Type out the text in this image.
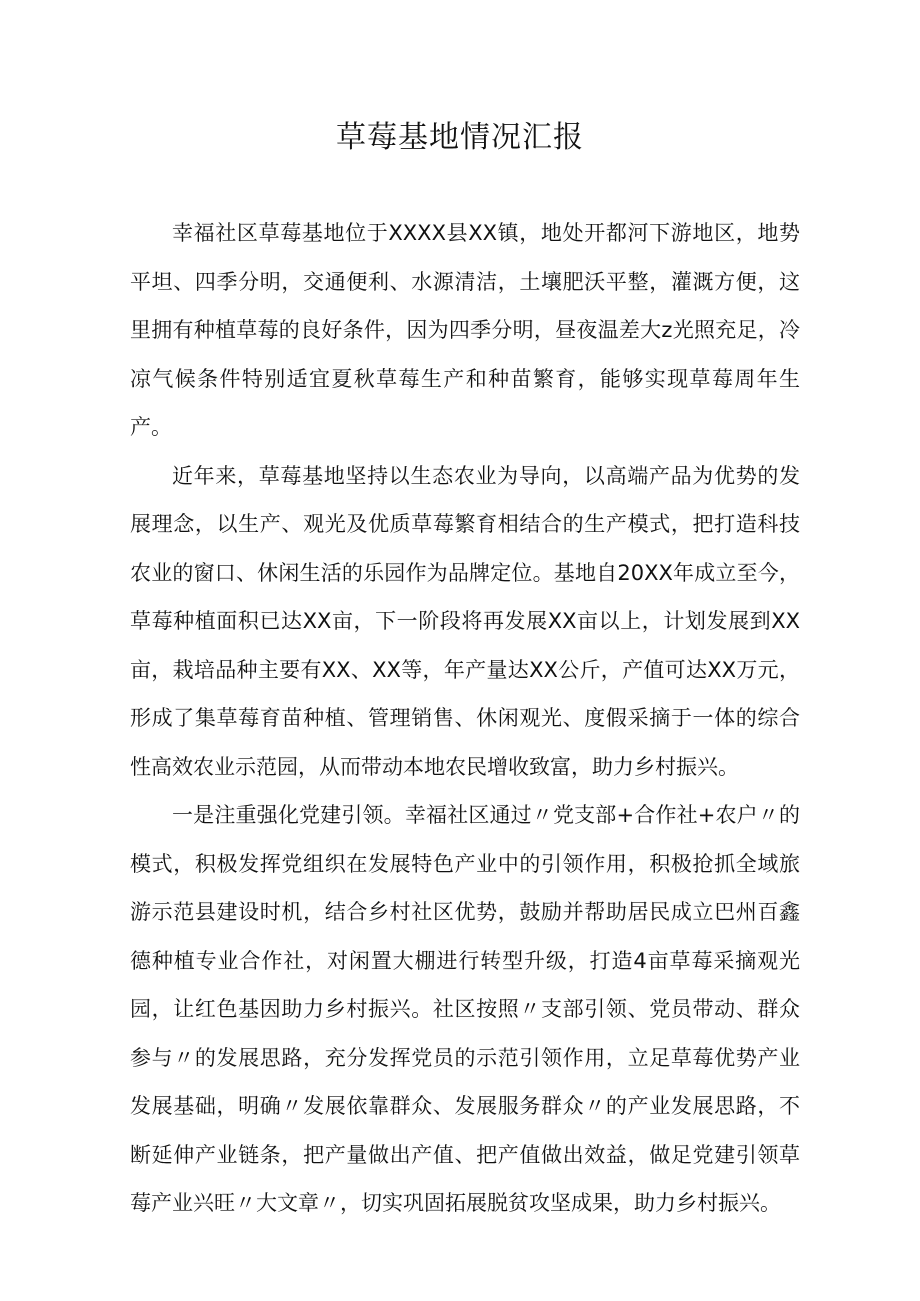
草莓基地情况汇报

幸福社区草莓基地位于XXXX县XX镇，地处开都河下游地区，地势平坦、四季分明，交通便利、水源清洁，土壤肥沃平整，灌溉方便，这里拥有种植草莓的良好条件，因为四季分明，昼夜温差大z光照充足，冷凉气候条件特别适宜夏秋草莓生产和种苗繁育，能够实现草莓周年生产。

近年来，草莓基地坚持以生态农业为导向，以高端产品为优势的发展理念，以生产、观光及优质草莓繁育相结合的生产模式，把打造科技农业的窗口、休闲生活的乐园作为品牌定位。基地自20XX年成立至今，草莓种植面积已达XX亩，下一阶段将再发展XX亩以上，计划发展到XX亩，栽培品种主要有XX、XX等，年产量达XX公斤，产值可达XX万元，形成了集草莓育苗种植、管理销售、休闲观光、度假采摘于一体的综合性高效农业示范园，从而带动本地农民增收致富，助力乡村振兴。

一是注重强化党建引领。幸福社区通过〃党支部+合作社+农户〃的模式，积极发挥党组织在发展特色产业中的引领作用，积极抢抓全域旅游示范县建设时机，结合乡村社区优势，鼓励并帮助居民成立巴州百鑫德种植专业合作社，对闲置大棚进行转型升级，打造4亩草莓采摘观光园，让红色基因助力乡村振兴。社区按照〃支部引领、党员带动、群众参与〃的发展思路，充分发挥党员的示范引领作用，立足草莓优势产业发展基础，明确〃发展依靠群众、发展服务群众〃的产业发展思路，不断延伸产业链条，把产量做出产值、把产值做出效益，做足党建引领草莓产业兴旺〃大文章〃，切实巩固拓展脱贫攻坚成果，助力乡村振兴。
